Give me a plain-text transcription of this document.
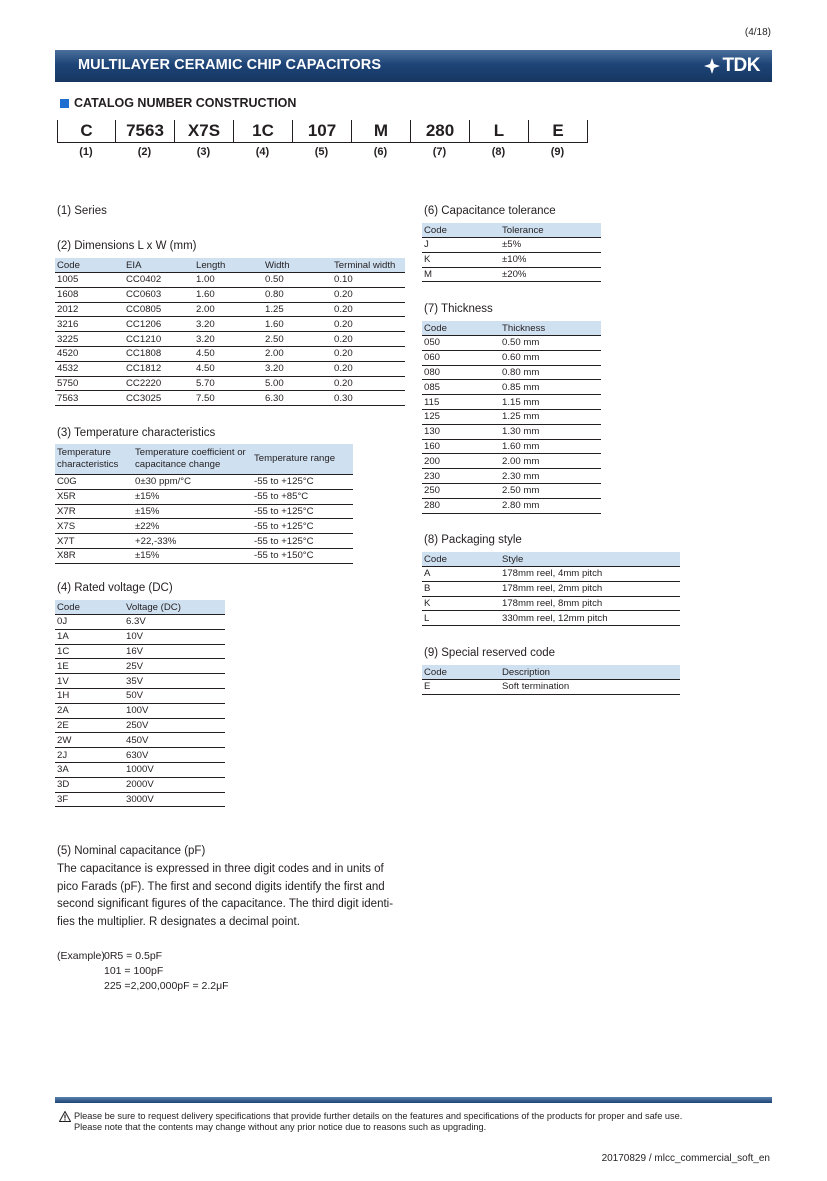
(4/18)
MULTILAYER CERAMIC CHIP CAPACITORS	TDK
CATALOG NUMBER CONSTRUCTION
C	7563	X7S	1C	107	M	280	L	E
(1)	(2)	(3)	(4)	(5)	(6)	(7)	(8)	(9)
(1) Series
(2) Dimensions L x W (mm)
Code	EIA	Length	Width	Terminal width
1005	CC0402	1.00	0.50	0.10
1608	CC0603	1.60	0.80	0.20
2012	CC0805	2.00	1.25	0.20
3216	CC1206	3.20	1.60	0.20
3225	CC1210	3.20	2.50	0.20
4520	CC1808	4.50	2.00	0.20
4532	CC1812	4.50	3.20	0.20
5750	CC2220	5.70	5.00	0.20
7563	CC3025	7.50	6.30	0.30
(3) Temperature characteristics
Temperature characteristics	Temperature coefficient or capacitance change	Temperature range
C0G	0±30 ppm/°C	-55 to +125°C
X5R	±15%	-55 to +85°C
X7R	±15%	-55 to +125°C
X7S	±22%	-55 to +125°C
X7T	+22,-33%	-55 to +125°C
X8R	±15%	-55 to +150°C
(4) Rated voltage (DC)
Code	Voltage (DC)
0J	6.3V
1A	10V
1C	16V
1E	25V
1V	35V
1H	50V
2A	100V
2E	250V
2W	450V
2J	630V
3A	1000V
3D	2000V
3F	3000V
(5) Nominal capacitance (pF)
The capacitance is expressed in three digit codes and in units of
pico Farads (pF). The first and second digits identify the first and
second significant figures of the capacitance. The third digit identi-
fies the multiplier. R designates a decimal point.
(Example) 0R5 = 0.5pF
101 = 100pF
225 =2,200,000pF = 2.2μF
(6) Capacitance tolerance
Code	Tolerance
J	±5%
K	±10%
M	±20%
(7) Thickness
Code	Thickness
050	0.50 mm
060	0.60 mm
080	0.80 mm
085	0.85 mm
115	1.15 mm
125	1.25 mm
130	1.30 mm
160	1.60 mm
200	2.00 mm
230	2.30 mm
250	2.50 mm
280	2.80 mm
(8) Packaging style
Code	Style
A	178mm reel, 4mm pitch
B	178mm reel, 2mm pitch
K	178mm reel, 8mm pitch
L	330mm reel, 12mm pitch
(9) Special reserved code
Code	Description
E	Soft termination
Please be sure to request delivery specifications that provide further details on the features and specifications of the products for proper and safe use.
Please note that the contents may change without any prior notice due to reasons such as upgrading.
20170829 / mlcc_commercial_soft_en
